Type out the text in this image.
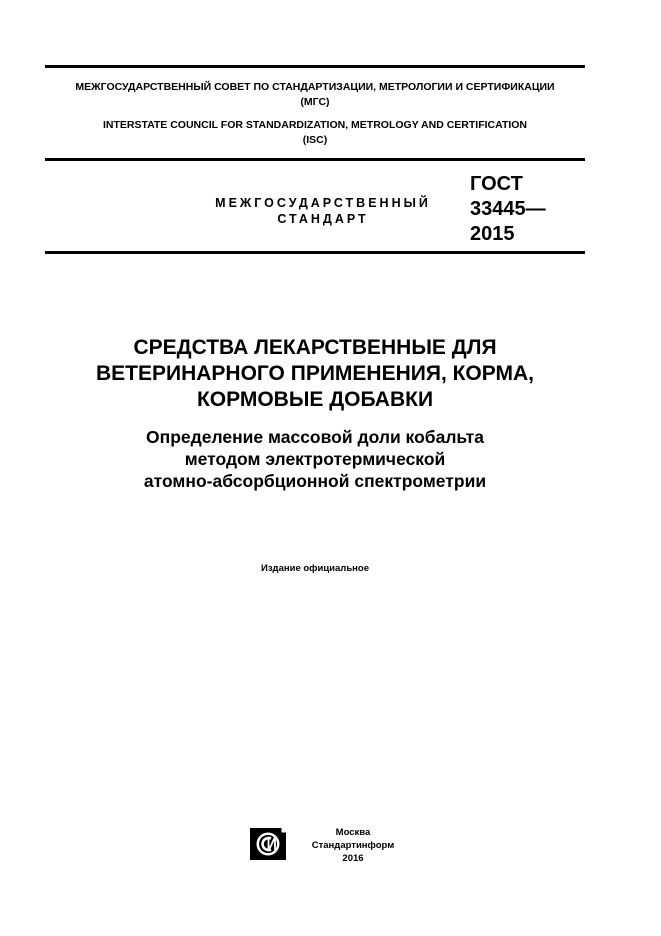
МЕЖГОСУДАРСТВЕННЫЙ СОВЕТ ПО СТАНДАРТИЗАЦИИ, МЕТРОЛОГИИ И СЕРТИФИКАЦИИ
(МГС)
INTERSTATE COUNCIL FOR STANDARDIZATION, METROLOGY AND CERTIFICATION
(ISC)
МЕЖГОСУДАРСТВЕННЫЙ
СТАНДАРТ
ГОСТ
33445—
2015
СРЕДСТВА ЛЕКАРСТВЕННЫЕ ДЛЯ
ВЕТЕРИНАРНОГО ПРИМЕНЕНИЯ, КОРМА,
КОРМОВЫЕ ДОБАВКИ
Определение массовой доли кобальта
методом электротермической
атомно-абсорбционной спектрометрии
Издание официальное
Москва
Стандартинформ
2016
